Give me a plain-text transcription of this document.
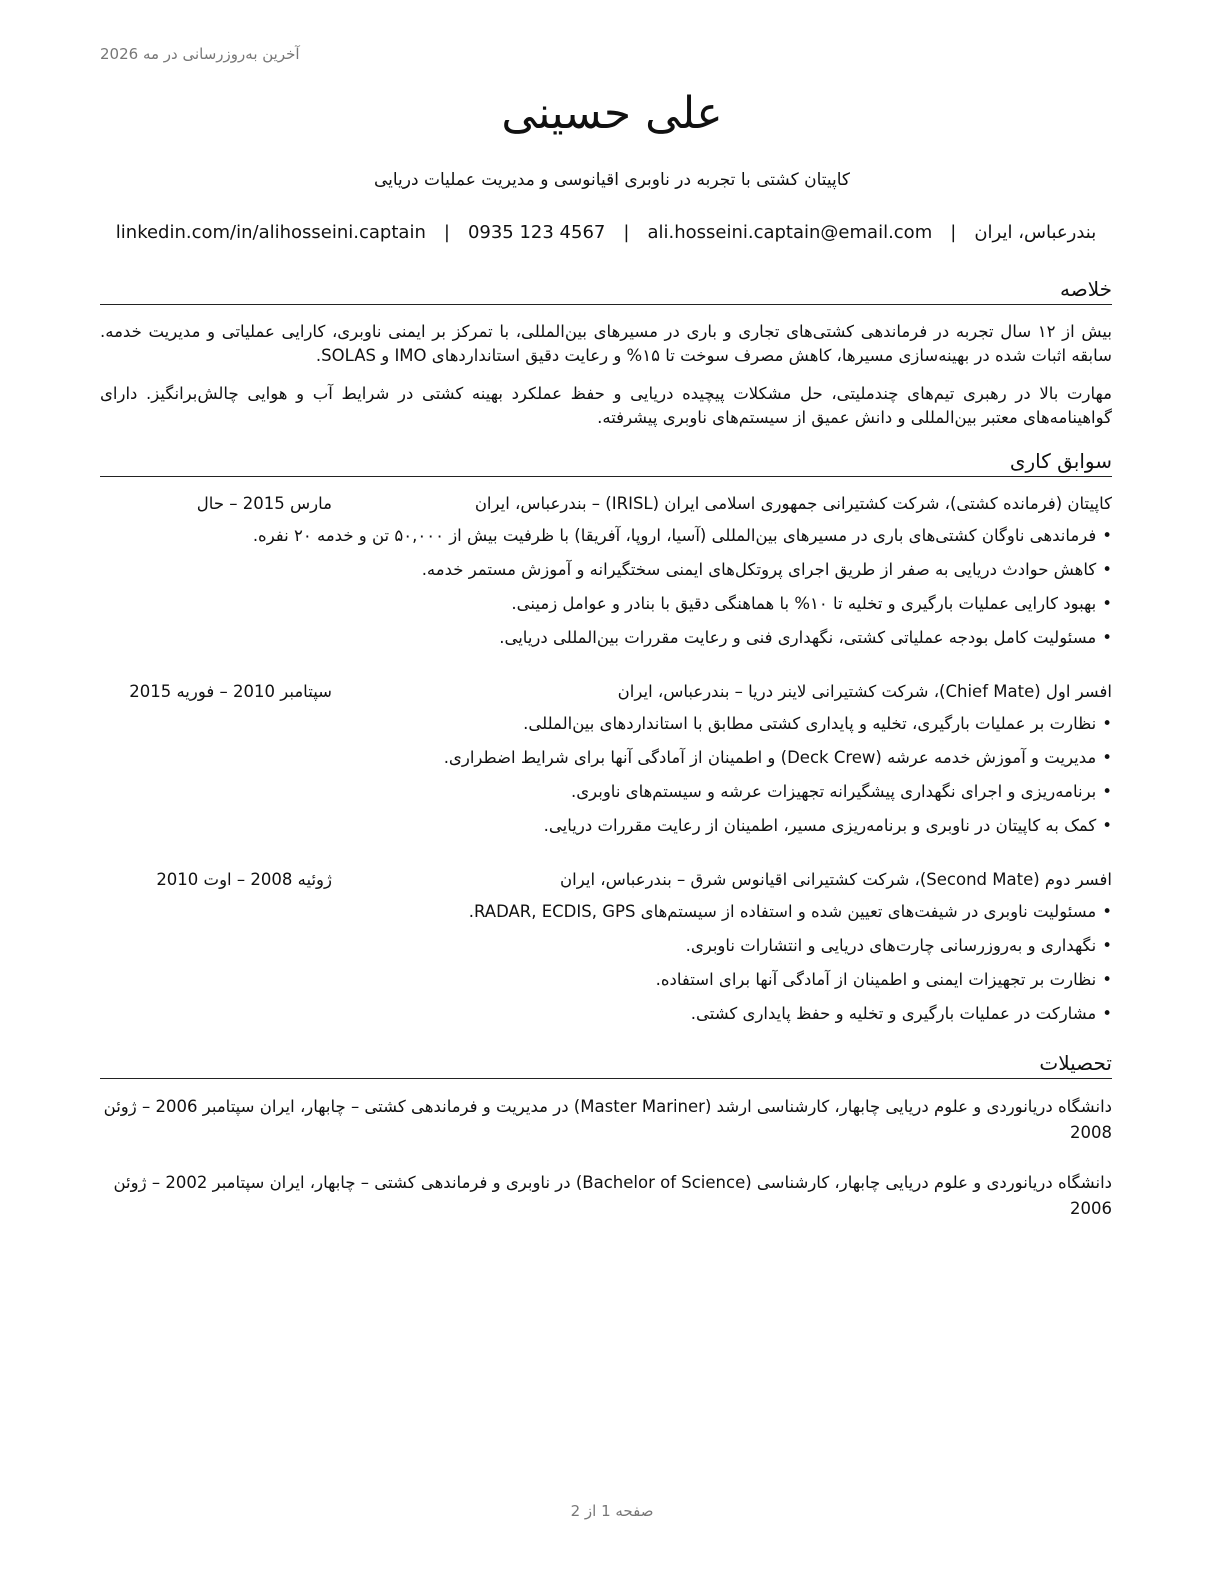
آخرین به‌روزرسانی در مه 2026
علی حسینی
کاپیتان کشتی با تجربه در ناوبری اقیانوسی و مدیریت عملیات دریایی
بندرعباس، ایران
|
ali.hosseini.captain@email.com
|
0935 123 4567
|
linkedin.com/in/alihosseini.captain
خلاصه
بیش از ۱۲ سال تجربه در فرماندهی کشتی‌های تجاری و باری در مسیرهای بین‌المللی، با تمرکز بر ایمنی ناوبری، کارایی عملیاتی و مدیریت خدمه. سابقه اثبات شده در بهینه‌سازی مسیرها، کاهش مصرف سوخت تا ۱۵% و رعایت دقیق استانداردهای IMO و SOLAS.
مهارت بالا در رهبری تیم‌های چندملیتی، حل مشکلات پیچیده دریایی و حفظ عملکرد بهینه کشتی در شرایط آب و هوایی چالش‌برانگیز. دارای گواهینامه‌های معتبر بین‌المللی و دانش عمیق از سیستم‌های ناوبری پیشرفته.
سوابق کاری
کاپیتان (فرمانده کشتی)، شرکت کشتیرانی جمهوری اسلامی ایران (IRISL) – بندرعباس، ایران
مارس 2015 – حال
•فرماندهی ناوگان کشتی‌های باری در مسیرهای بین‌المللی (آسیا، اروپا، آفریقا) با ظرفیت بیش از ۵۰,۰۰۰ تن و خدمه ۲۰ نفره.
•کاهش حوادث دریایی به صفر از طریق اجرای پروتکل‌های ایمنی سختگیرانه و آموزش مستمر خدمه.
•بهبود کارایی عملیات بارگیری و تخلیه تا ۱۰% با هماهنگی دقیق با بنادر و عوامل زمینی.
•مسئولیت کامل بودجه عملیاتی کشتی، نگهداری فنی و رعایت مقررات بین‌المللی دریایی.
افسر اول (Chief Mate)، شرکت کشتیرانی لاینر دریا – بندرعباس، ایران
سپتامبر 2010 – فوریه 2015
•نظارت بر عملیات بارگیری، تخلیه و پایداری کشتی مطابق با استانداردهای بین‌المللی.
•مدیریت و آموزش خدمه عرشه (Deck Crew) و اطمینان از آمادگی آنها برای شرایط اضطراری.
•برنامه‌ریزی و اجرای نگهداری پیشگیرانه تجهیزات عرشه و سیستم‌های ناوبری.
•کمک به کاپیتان در ناوبری و برنامه‌ریزی مسیر، اطمینان از رعایت مقررات دریایی.
افسر دوم (Second Mate)، شرکت کشتیرانی اقیانوس شرق – بندرعباس، ایران
ژوئیه 2008 – اوت 2010
•مسئولیت ناوبری در شیفت‌های تعیین شده و استفاده از سیستم‌های RADAR, ECDIS, GPS.
•نگهداری و به‌روزرسانی چارت‌های دریایی و انتشارات ناوبری.
•نظارت بر تجهیزات ایمنی و اطمینان از آمادگی آنها برای استفاده.
•مشارکت در عملیات بارگیری و تخلیه و حفظ پایداری کشتی.
تحصیلات
دانشگاه دریانوردی و علوم دریایی چابهار، کارشناسی ارشد (Master Mariner) در مدیریت و فرماندهی کشتی – چابهار، ایران سپتامبر 2006 – ژوئن 2008
دانشگاه دریانوردی و علوم دریایی چابهار، کارشناسی (Bachelor of Science) در ناوبری و فرماندهی کشتی – چابهار، ایران سپتامبر 2002 – ژوئن 2006
صفحه 1 از 2
